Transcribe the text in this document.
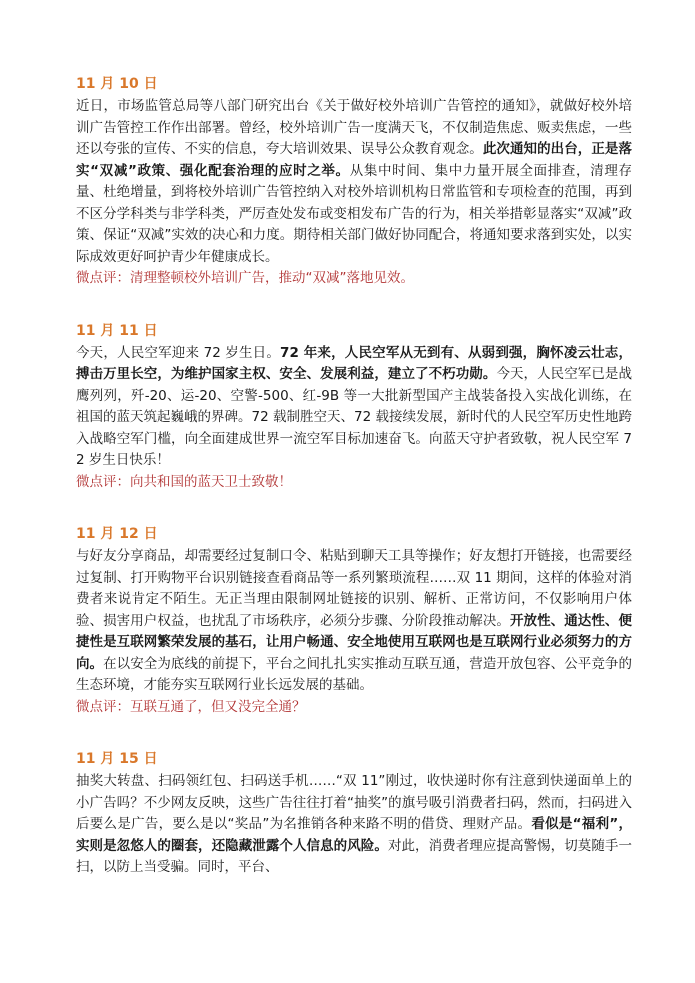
11 月 10 日

近日，市场监管总局等八部门研究出台《关于做好校外培训广告管控的通知》，就做好校外培训广告管控工作作出部署。曾经，校外培训广告一度满天飞，不仅制造焦虑、贩卖焦虑，一些还以夸张的宣传、不实的信息，夸大培训效果、误导公众教育观念。此次通知的出台，正是落实“双减”政策、强化配套治理的应时之举。从集中时间、集中力量开展全面排查，清理存量、杜绝增量，到将校外培训广告管控纳入对校外培训机构日常监管和专项检查的范围，再到不区分学科类与非学科类，严厉查处发布或变相发布广告的行为，相关举措彰显落实“双减”政策、保证“双减”实效的决心和力度。期待相关部门做好协同配合，将通知要求落到实处，以实际成效更好呵护青少年健康成长。

微点评：清理整顿校外培训广告，推动“双减”落地见效。
11 月 11 日

今天，人民空军迎来 72 岁生日。72 年来，人民空军从无到有、从弱到强，胸怀凌云壮志，搏击万里长空，为维护国家主权、安全、发展利益，建立了不朽功勋。今天，人民空军已是战鹰列列，歼-20、运-20、空警-500、红-9B 等一大批新型国产主战装备投入实战化训练，在祖国的蓝天筑起巍峨的界碑。72 载制胜空天、72 载接续发展，新时代的人民空军历史性地跨入战略空军门槛，向全面建成世界一流空军目标加速奋飞。向蓝天守护者致敬，祝人民空军 72 岁生日快乐！

微点评：向共和国的蓝天卫士致敬！
11 月 12 日

与好友分享商品，却需要经过复制口令、粘贴到聊天工具等操作；好友想打开链接，也需要经过复制、打开购物平台识别链接查看商品等一系列繁琐流程……双 11 期间，这样的体验对消费者来说肯定不陌生。无正当理由限制网址链接的识别、解析、正常访问，不仅影响用户体验、损害用户权益，也扰乱了市场秩序，必须分步骤、分阶段推动解决。开放性、通达性、便捷性是互联网繁荣发展的基石，让用户畅通、安全地使用互联网也是互联网行业必须努力的方向。在以安全为底线的前提下，平台之间扎扎实实推动互联互通，营造开放包容、公平竞争的生态环境，才能夯实互联网行业长远发展的基础。

微点评：互联互通了，但又没完全通？
11 月 15 日

抽奖大转盘、扫码领红包、扫码送手机……“双 11”刚过，收快递时你有注意到快递面单上的小广告吗？不少网友反映，这些广告往往打着“抽奖”的旗号吸引消费者扫码，然而，扫码进入后要么是广告，要么是以“奖品”为名推销各种来路不明的借贷、理财产品。看似是“福利”，实则是忽悠人的圈套，还隐藏泄露个人信息的风险。对此，消费者理应提高警惕，切莫随手一扫，以防上当受骗。同时，平台、
